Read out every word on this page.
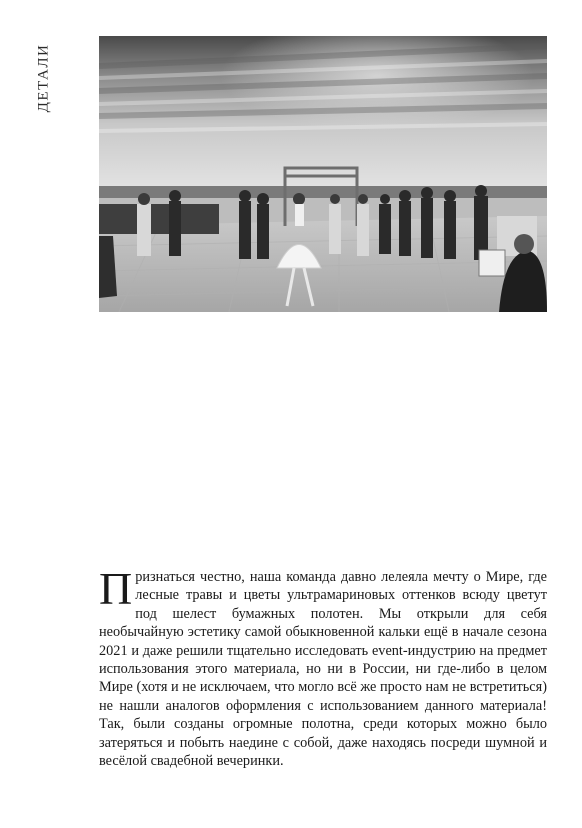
ДЕТАЛИ

Признаться честно, наша команда давно лелеяла мечту о Мире, где лесные травы и цветы ультрамариновых оттенков всюду цветут под шелест бумажных полотен. Мы открыли для себя необычайную эстетику самой обыкновенной кальки ещё в начале сезона 2021 и даже решили тщательно исследовать event-индустрию на предмет использования этого материала, но ни в России, ни где-либо в целом Мире (хотя и не исключаем, что могло всё же просто нам не встретиться) не нашли аналогов оформления с использованием данного материала! Так, были созданы огромные полотна, среди которых можно было затеряться и побыть наедине с собой, даже находясь посреди шумной и весёлой свадебной вечеринки.
